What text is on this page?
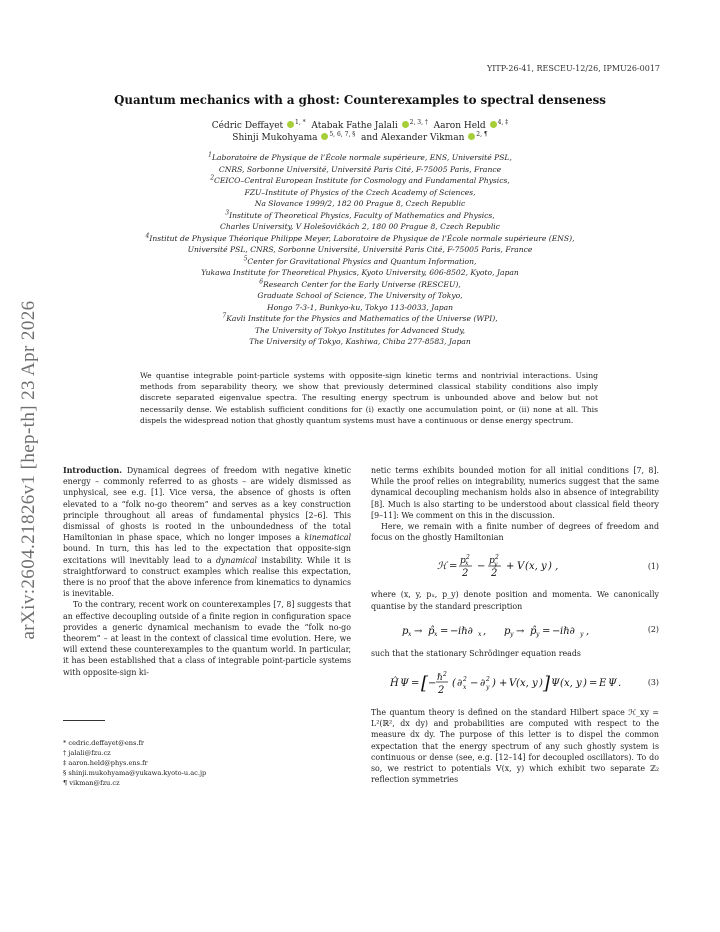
arXiv:2604.21826v1 [hep-th] 23 Apr 2026
YITP-26-41, RESCEU-12/26, IPMU26-0017
Quantum mechanics with a ghost: Counterexamples to spectral denseness
Cédric Deffayet $^{1, *}$ Atabak Fathe Jalali $^{2, 3, \dagger}$ Aaron Held $^{4, \ddagger}$
Shinji Mukohyama $^{5, 6, 7, \S}$ and Alexander Vikman $^{2, \P}$
$^1$Laboratoire de Physique de l’École normale supérieure, ENS, Université PSL,
CNRS, Sorbonne Université, Université Paris Cité, F-75005 Paris, France
$^2$CEICO–Central European Institute for Cosmology and Fundamental Physics,
FZU–Institute of Physics of the Czech Academy of Sciences,
Na Slovance 1999/2, 182 00 Prague 8, Czech Republic
$^3$Institute of Theoretical Physics, Faculty of Mathematics and Physics,
Charles University, V Holešovičkách 2, 180 00 Prague 8, Czech Republic
$^4$Institut de Physique Théorique Philippe Meyer, Laboratoire de Physique de l’École normale supérieure (ENS),
Université PSL, CNRS, Sorbonne Université, Université Paris Cité, F-75005 Paris, France
$^5$Center for Gravitational Physics and Quantum Information,
Yukawa Institute for Theoretical Physics, Kyoto University, 606-8502, Kyoto, Japan
$^6$Research Center for the Early Universe (RESCEU),
Graduate School of Science, The University of Tokyo,
Hongo 7-3-1, Bunkyo-ku, Tokyo 113-0033, Japan
$^7$Kavli Institute for the Physics and Mathematics of the Universe (WPI),
The University of Tokyo Institutes for Advanced Study,
The University of Tokyo, Kashiwa, Chiba 277-8583, Japan
We quantise integrable point-particle systems with opposite-sign kinetic terms and nontrivial interactions. Using methods from separability theory, we show that previously determined classical stability conditions also imply discrete separated eigenvalue spectra. The resulting energy spectrum is unbounded above and below but not necessarily dense. We establish sufficient conditions for (i) exactly one accumulation point, or (ii) none at all. This dispels the widespread notion that ghostly quantum systems must have a continuous or dense energy spectrum.

Introduction. Dynamical degrees of freedom with negative kinetic energy – commonly referred to as ghosts – are widely dismissed as unphysical, see e.g. [1]. Vice versa, the absence of ghosts is often elevated to a “folk no-go theorem” and serves as a key construction principle throughout all areas of fundamental physics [2–6]. This dismissal of ghosts is rooted in the unboundedness of the total Hamiltonian in phase space, which no longer imposes a kinematical bound. In turn, this has led to the expectation that opposite-sign excitations will inevitably lead to a dynamical instability. While it is straightforward to construct examples which realise this expectation, there is no proof that the above inference from kinematics to dynamics is inevitable.

To the contrary, recent work on counterexamples [7, 8] suggests that an effective decoupling outside of a finite region in configuration space provides a generic dynamical mechanism to evade the “folk no-go theorem” – at least in the context of classical time evolution. Here, we will extend these counterexamples to the quantum world. In particular, it has been established that a class of integrable point-particle systems with opposite-sign ki-

netic terms exhibits bounded motion for all initial conditions [7, 8]. While the proof relies on integrability, numerics suggest that the same dynamical decoupling mechanism holds also in absence of integrability [8]. Much is also starting to be understood about classical field theory [9–11]: We comment on this in the discussion.

Here, we remain with a finite number of degrees of freedom and focus on the ghostly Hamiltonian

ℋ = p 2
x
2
− p 2
y
2
+ V ( x, y ) ,	(1)

where (x, y, pₓ, p_y) denote position and momenta. We canonically quantise by the standard prescription

p x → p̂ x = − iℏ∂ x , p y → p̂ y = − iℏ∂ y ,	(2)

such that the stationary Schrödinger equation reads

Ĥ Ψ = [ − ℏ 2
2
( ∂ 2
x − ∂ 2
y ) + V ( x, y ) ] Ψ ( x, y ) = E Ψ .	(3)

The quantum theory is defined on the standard Hilbert space ℋ_xy = L²(ℝ², dx dy) and probabilities are computed with respect to the measure dx dy. The purpose of this letter is to dispel the common expectation that the energy spectrum of any such ghostly system is continuous or dense (see, e.g. [12–14] for decoupled oscillators). To do so, we restrict to potentials V(x, y) which exhibit two separate ℤ₂ reflection symmetries

* cedric.deffayet@ens.fr
† jalali@fzu.cz
‡ aaron.held@phys.ens.fr
§ shinji.mukohyama@yukawa.kyoto-u.ac.jp
¶ vikman@fzu.cz
